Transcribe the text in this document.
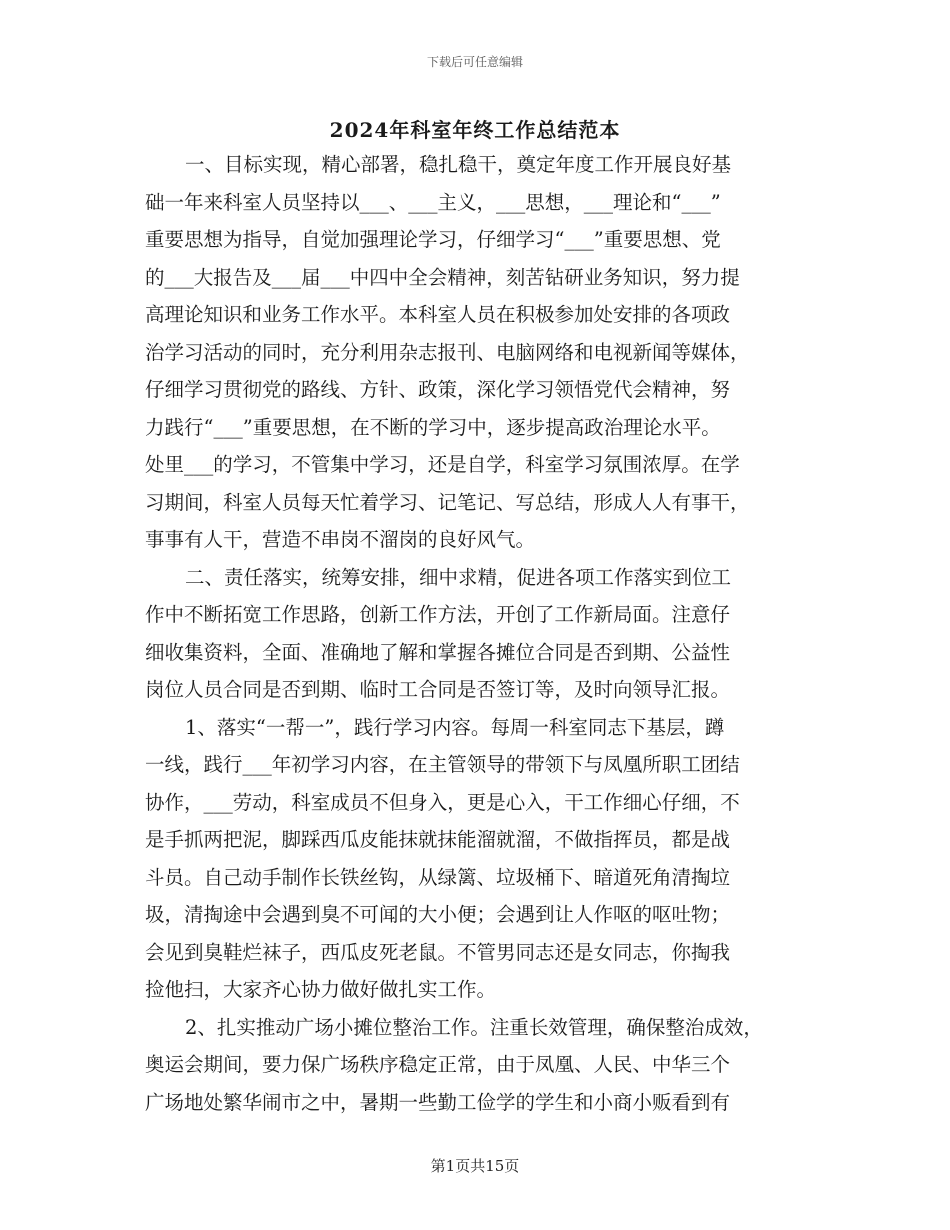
下载后可任意编辑
2024年科室年终工作总结范本
一、目标实现，精心部署，稳扎稳干，奠定年度工作开展良好基
础一年来科室人员坚持以___、___主义，___思想，___理论和“___”
重要思想为指导，自觉加强理论学习，仔细学习“___”重要思想、党
的___大报告及___届___中四中全会精神，刻苦钻研业务知识，努力提
高理论知识和业务工作水平。本科室人员在积极参加处安排的各项政
治学习活动的同时，充分利用杂志报刊、电脑网络和电视新闻等媒体，
仔细学习贯彻党的路线、方针、政策，深化学习领悟党代会精神，努
力践行“___”重要思想，在不断的学习中，逐步提高政治理论水平。
处里___的学习，不管集中学习，还是自学，科室学习氛围浓厚。在学
习期间，科室人员每天忙着学习、记笔记、写总结，形成人人有事干，
事事有人干，营造不串岗不溜岗的良好风气。
二、责任落实，统筹安排，细中求精，促进各项工作落实到位工
作中不断拓宽工作思路，创新工作方法，开创了工作新局面。注意仔
细收集资料，全面、准确地了解和掌握各摊位合同是否到期、公益性
岗位人员合同是否到期、临时工合同是否签订等，及时向领导汇报。
1、落实“一帮一”，践行学习内容。每周一科室同志下基层，蹲
一线，践行___年初学习内容，在主管领导的带领下与凤凰所职工团结
协作，___劳动，科室成员不但身入，更是心入，干工作细心仔细，不
是手抓两把泥，脚踩西瓜皮能抹就抹能溜就溜，不做指挥员，都是战
斗员。自己动手制作长铁丝钩，从绿篱、垃圾桶下、暗道死角清掏垃
圾，清掏途中会遇到臭不可闻的大小便；会遇到让人作呕的呕吐物；
会见到臭鞋烂袜子，西瓜皮死老鼠。不管男同志还是女同志，你掏我
捡他扫，大家齐心协力做好做扎实工作。
2、扎实推动广场小摊位整治工作。注重长效管理，确保整治成效，
奥运会期间，要力保广场秩序稳定正常，由于凤凰、人民、中华三个
广场地处繁华闹市之中，暑期一些勤工俭学的学生和小商小贩看到有
第1页共15页
